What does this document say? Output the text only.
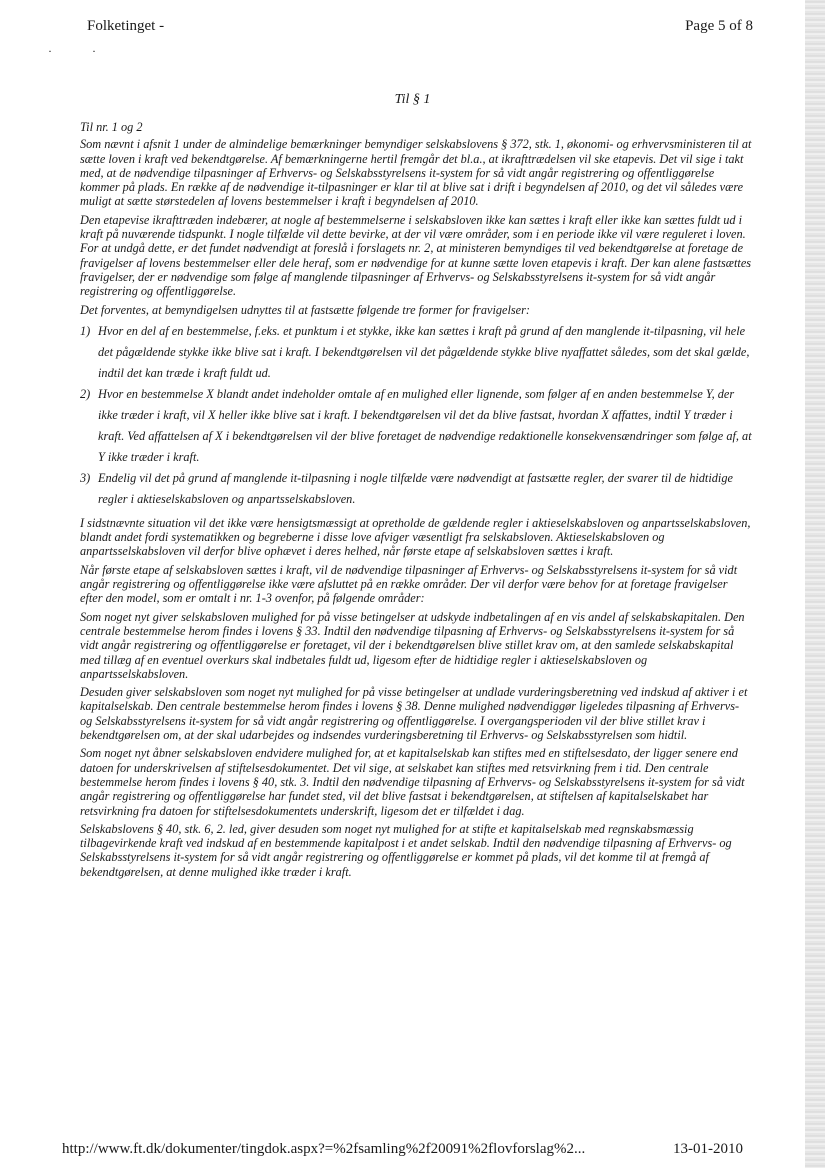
Folketinget -	Page 5 of 8
··
Til § 1

Til nr. 1 og 2

Som nævnt i afsnit 1 under de almindelige bemærkninger bemyndiger selskabslovens § 372, stk. 1, økonomi- og erhvervsministeren til at sætte loven i kraft ved bekendtgørelse. Af bemærkningerne hertil fremgår det bl.a., at ikrafttrædelsen vil ske etapevis. Det vil sige i takt med, at de nødvendige tilpasninger af Erhvervs- og Selskabsstyrelsens it-system for så vidt angår registrering og offentliggørelse kommer på plads. En række af de nødvendige it-tilpasninger er klar til at blive sat i drift i begyndelsen af 2010, og det vil således være muligt at sætte størstedelen af lovens bestemmelser i kraft i begyndelsen af 2010.

Den etapevise ikrafttræden indebærer, at nogle af bestemmelserne i selskabsloven ikke kan sættes i kraft eller ikke kan sættes fuldt ud i kraft på nuværende tidspunkt. I nogle tilfælde vil dette bevirke, at der vil være områder, som i en periode ikke vil være reguleret i loven. For at undgå dette, er det fundet nødvendigt at foreslå i forslagets nr. 2, at ministeren bemyndiges til ved bekendtgørelse at foretage de fravigelser af lovens bestemmelser eller dele heraf, som er nødvendige for at kunne sætte loven etapevis i kraft. Der kan alene fastsættes fravigelser, der er nødvendige som følge af manglende tilpasninger af Erhvervs- og Selskabsstyrelsens it-system for så vidt angår registrering og offentliggørelse.

Det forventes, at bemyndigelsen udnyttes til at fastsætte følgende tre former for fravigelser:

1) Hvor en del af en bestemmelse, f.eks. et punktum i et stykke, ikke kan sættes i kraft på grund af den manglende it-tilpasning, vil hele det pågældende stykke ikke blive sat i kraft. I bekendtgørelsen vil det pågældende stykke blive nyaffattet således, som det skal gælde, indtil det kan træde i kraft fuldt ud.
2) Hvor en bestemmelse X blandt andet indeholder omtale af en mulighed eller lignende, som følger af en anden bestemmelse Y, der ikke træder i kraft, vil X heller ikke blive sat i kraft. I bekendtgørelsen vil det da blive fastsat, hvordan X affattes, indtil Y træder i kraft. Ved affattelsen af X i bekendtgørelsen vil der blive foretaget de nødvendige redaktionelle konsekvensændringer som følge af, at Y ikke træder i kraft.
3) Endelig vil det på grund af manglende it-tilpasning i nogle tilfælde være nødvendigt at fastsætte regler, der svarer til de hidtidige regler i aktieselskabsloven og anpartsselskabsloven.

I sidstnævnte situation vil det ikke være hensigtsmæssigt at opretholde de gældende regler i aktieselskabsloven og anpartsselskabsloven, blandt andet fordi systematikken og begreberne i disse love afviger væsentligt fra selskabsloven. Aktieselskabsloven og anpartsselskabsloven vil derfor blive ophævet i deres helhed, når første etape af selskabsloven sættes i kraft.

Når første etape af selskabsloven sættes i kraft, vil de nødvendige tilpasninger af Erhvervs- og Selskabsstyrelsens it-system for så vidt angår registrering og offentliggørelse ikke være afsluttet på en række områder. Der vil derfor være behov for at foretage fravigelser efter den model, som er omtalt i nr. 1-3 ovenfor, på følgende områder:

Som noget nyt giver selskabsloven mulighed for på visse betingelser at udskyde indbetalingen af en vis andel af selskabskapitalen. Den centrale bestemmelse herom findes i lovens § 33. Indtil den nødvendige tilpasning af Erhvervs- og Selskabsstyrelsens it-system for så vidt angår registrering og offentliggørelse er foretaget, vil der i bekendtgørelsen blive stillet krav om, at den samlede selskabskapital med tillæg af en eventuel overkurs skal indbetales fuldt ud, ligesom efter de hidtidige regler i aktieselskabsloven og anpartsselskabsloven.

Desuden giver selskabsloven som noget nyt mulighed for på visse betingelser at undlade vurderingsberetning ved indskud af aktiver i et kapitalselskab. Den centrale bestemmelse herom findes i lovens § 38. Denne mulighed nødvendiggør ligeledes tilpasning af Erhvervs- og Selskabsstyrelsens it-system for så vidt angår registrering og offentliggørelse. I overgangsperioden vil der blive stillet krav i bekendtgørelsen om, at der skal udarbejdes og indsendes vurderingsberetning til Erhvervs- og Selskabsstyrelsen som hidtil.

Som noget nyt åbner selskabsloven endvidere mulighed for, at et kapitalselskab kan stiftes med en stiftelsesdato, der ligger senere end datoen for underskrivelsen af stiftelsesdokumentet. Det vil sige, at selskabet kan stiftes med retsvirkning frem i tid. Den centrale bestemmelse herom findes i lovens § 40, stk. 3. Indtil den nødvendige tilpasning af Erhvervs- og Selskabsstyrelsens it-system for så vidt angår registrering og offentliggørelse har fundet sted, vil det blive fastsat i bekendtgørelsen, at stiftelsen af kapitalselskabet har retsvirkning fra datoen for stiftelsesdokumentets underskrift, ligesom det er tilfældet i dag.

Selskabslovens § 40, stk. 6, 2. led, giver desuden som noget nyt mulighed for at stifte et kapitalselskab med regnskabsmæssig tilbagevirkende kraft ved indskud af en bestemmende kapitalpost i et andet selskab. Indtil den nødvendige tilpasning af Erhvervs- og Selskabsstyrelsens it-system for så vidt angår registrering og offentliggørelse er kommet på plads, vil det komme til at fremgå af bekendtgørelsen, at denne mulighed ikke træder i kraft.

http://www.ft.dk/dokumenter/tingdok.aspx?=%2fsamling%2f20091%2flovforslag%2...	13-01-2010
